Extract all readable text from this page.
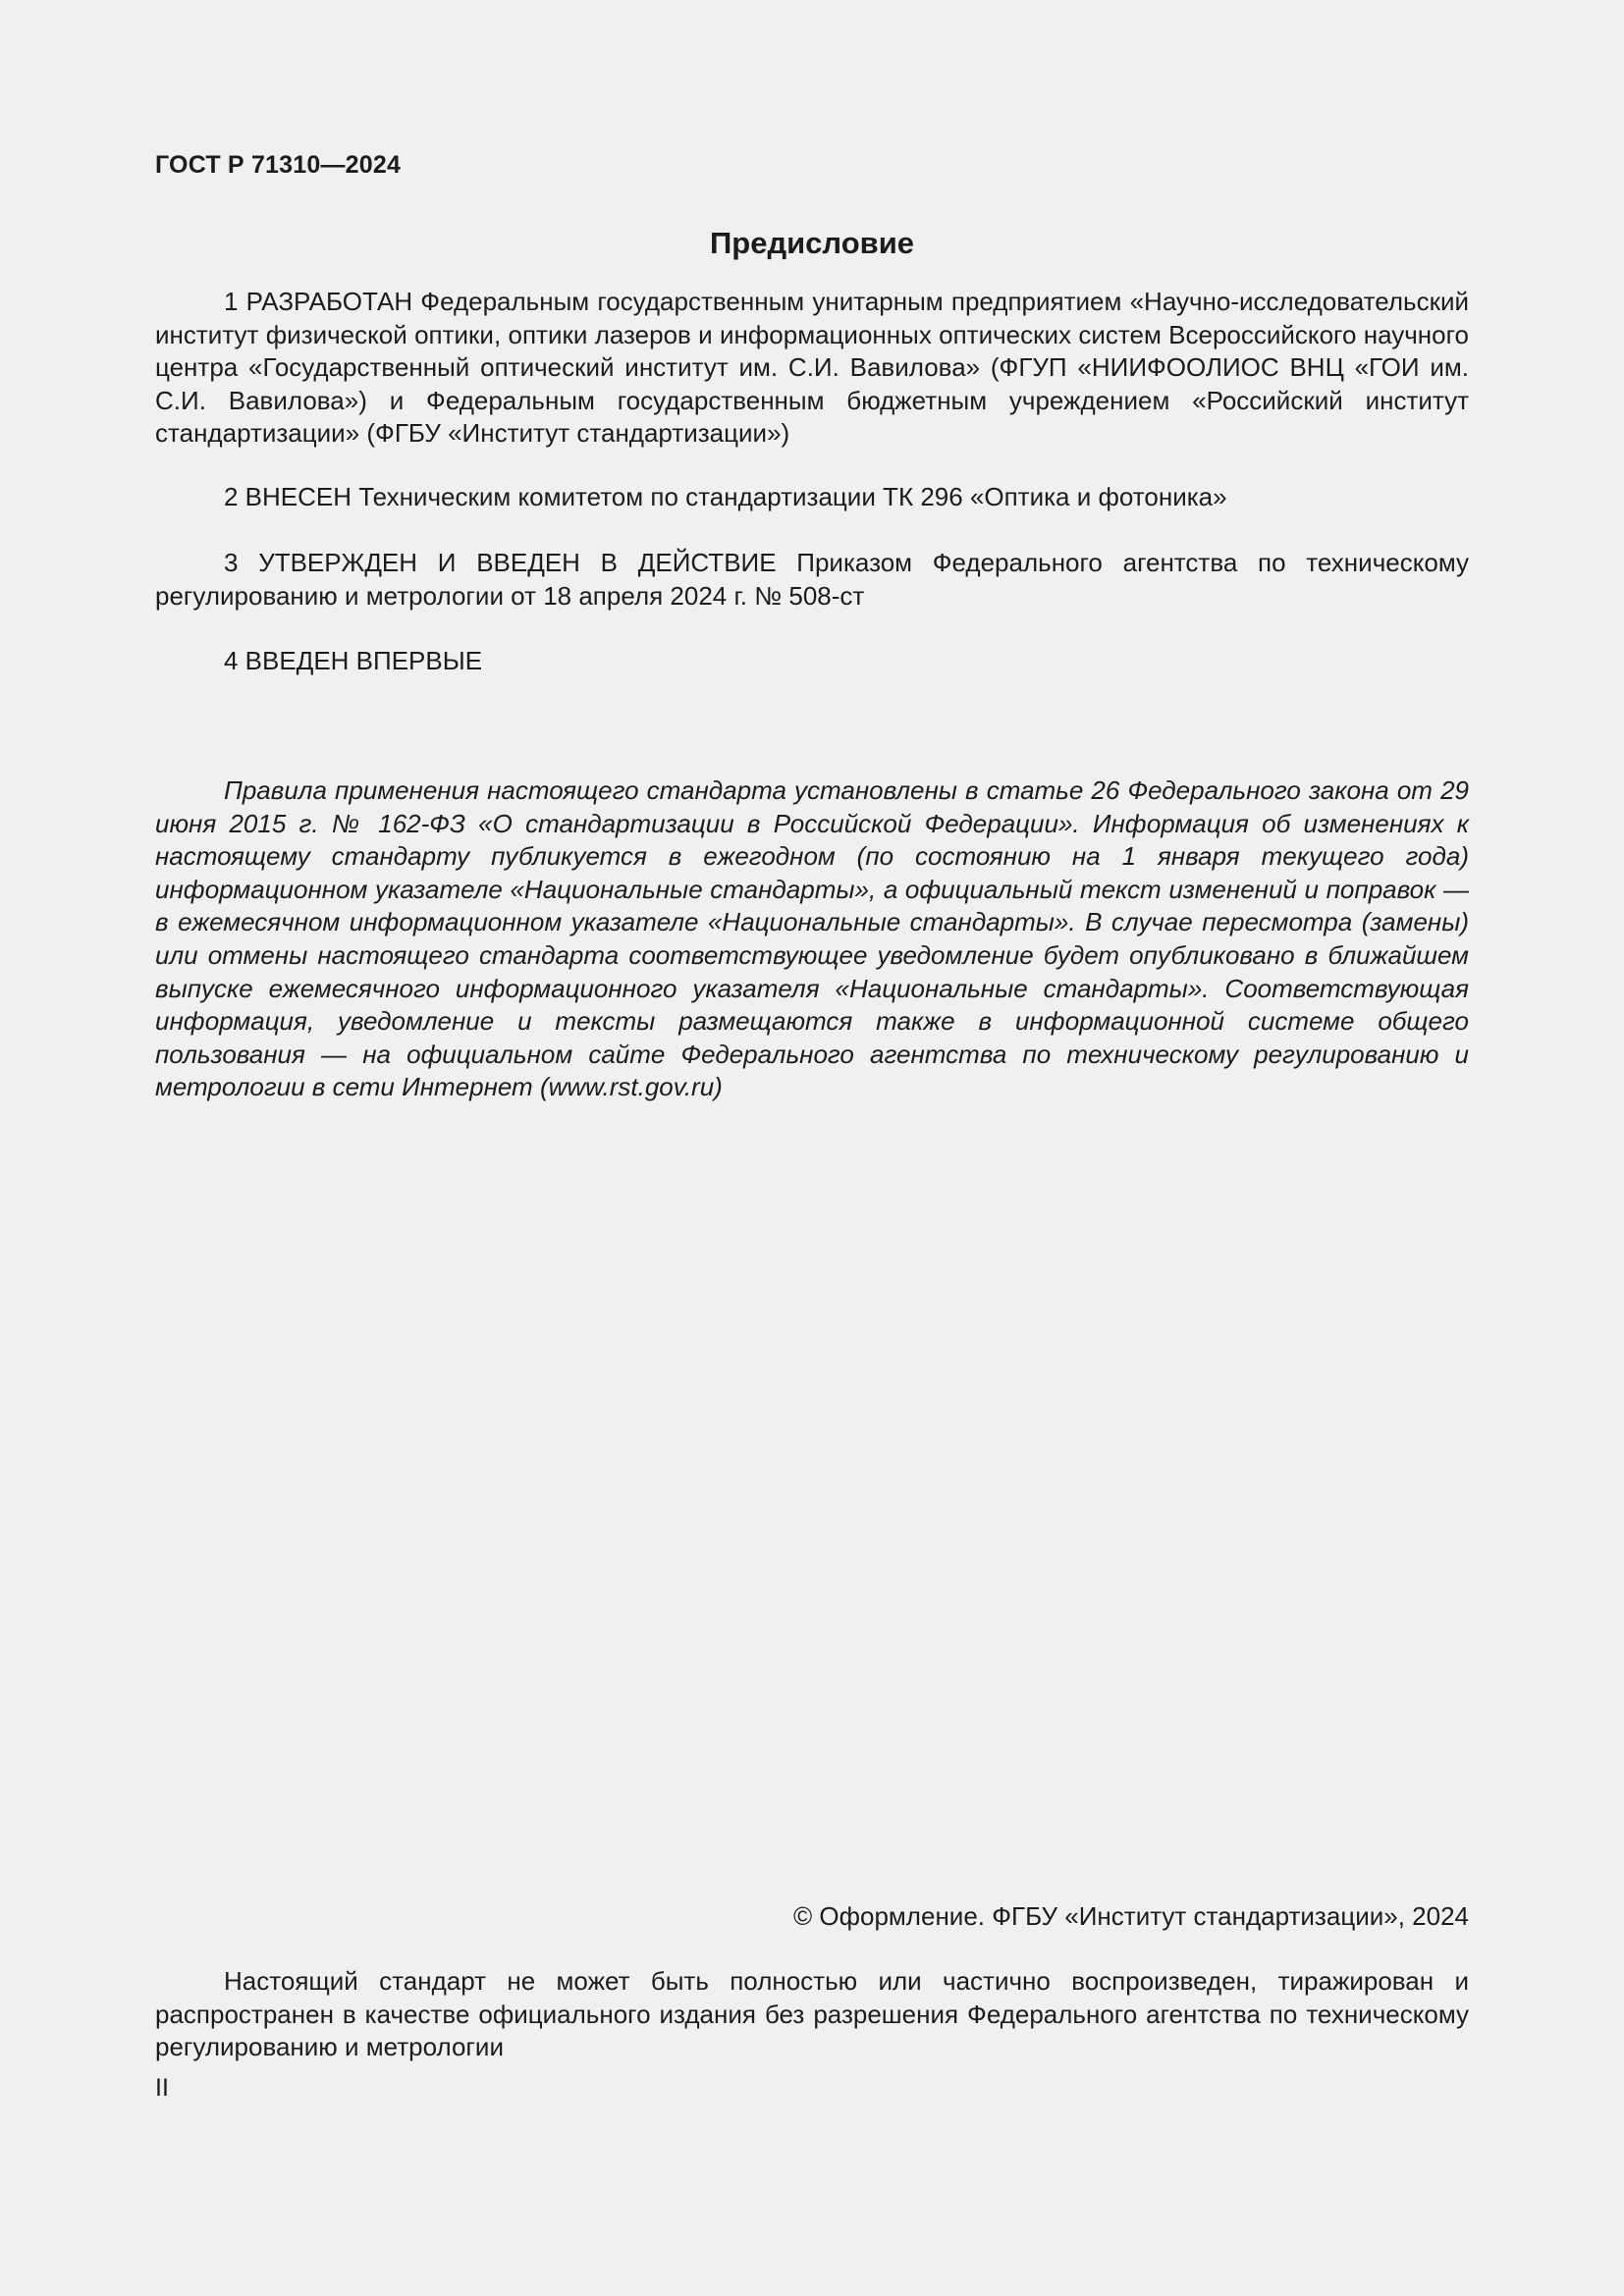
ГОСТ Р 71310—2024
Предисловие

1 РАЗРАБОТАН Федеральным государственным унитарным предприятием «Научно-исследовательский институт физической оптики, оптики лазеров и информационных оптических систем Всероссийского научного центра «Государственный оптический институт им. С.И. Вавилова» (ФГУП «НИИФООЛИОС ВНЦ «ГОИ им. С.И. Вавилова») и Федеральным государственным бюджетным учреждением «Российский институт стандартизации» (ФГБУ «Институт стандартизации»)

2 ВНЕСЕН Техническим комитетом по стандартизации ТК 296 «Оптика и фотоника»

3 УТВЕРЖДЕН И ВВЕДЕН В ДЕЙСТВИЕ Приказом Федерального агентства по техническому регулированию и метрологии от 18 апреля 2024 г. № 508-ст

4 ВВЕДЕН ВПЕРВЫЕ

Правила применения настоящего стандарта установлены в статье 26 Федерального закона от 29 июня 2015 г. № 162-ФЗ «О стандартизации в Российской Федерации». Информация об изменениях к настоящему стандарту публикуется в ежегодном (по состоянию на 1 января текущего года) информационном указателе «Национальные стандарты», а официальный текст изменений и поправок — в ежемесячном информационном указателе «Национальные стандарты». В случае пересмотра (замены) или отмены настоящего стандарта соответствующее уведомление будет опубликовано в ближайшем выпуске ежемесячного информационного указателя «Национальные стандарты». Соответствующая информация, уведомление и тексты размещаются также в информационной системе общего пользования — на официальном сайте Федерального агентства по техническому регулированию и метрологии в сети Интернет (www.rst.gov.ru)

© Оформление. ФГБУ «Институт стандартизации», 2024

Настоящий стандарт не может быть полностью или частично воспроизведен, тиражирован и распространен в качестве официального издания без разрешения Федерального агентства по техническому регулированию и метрологии

II
